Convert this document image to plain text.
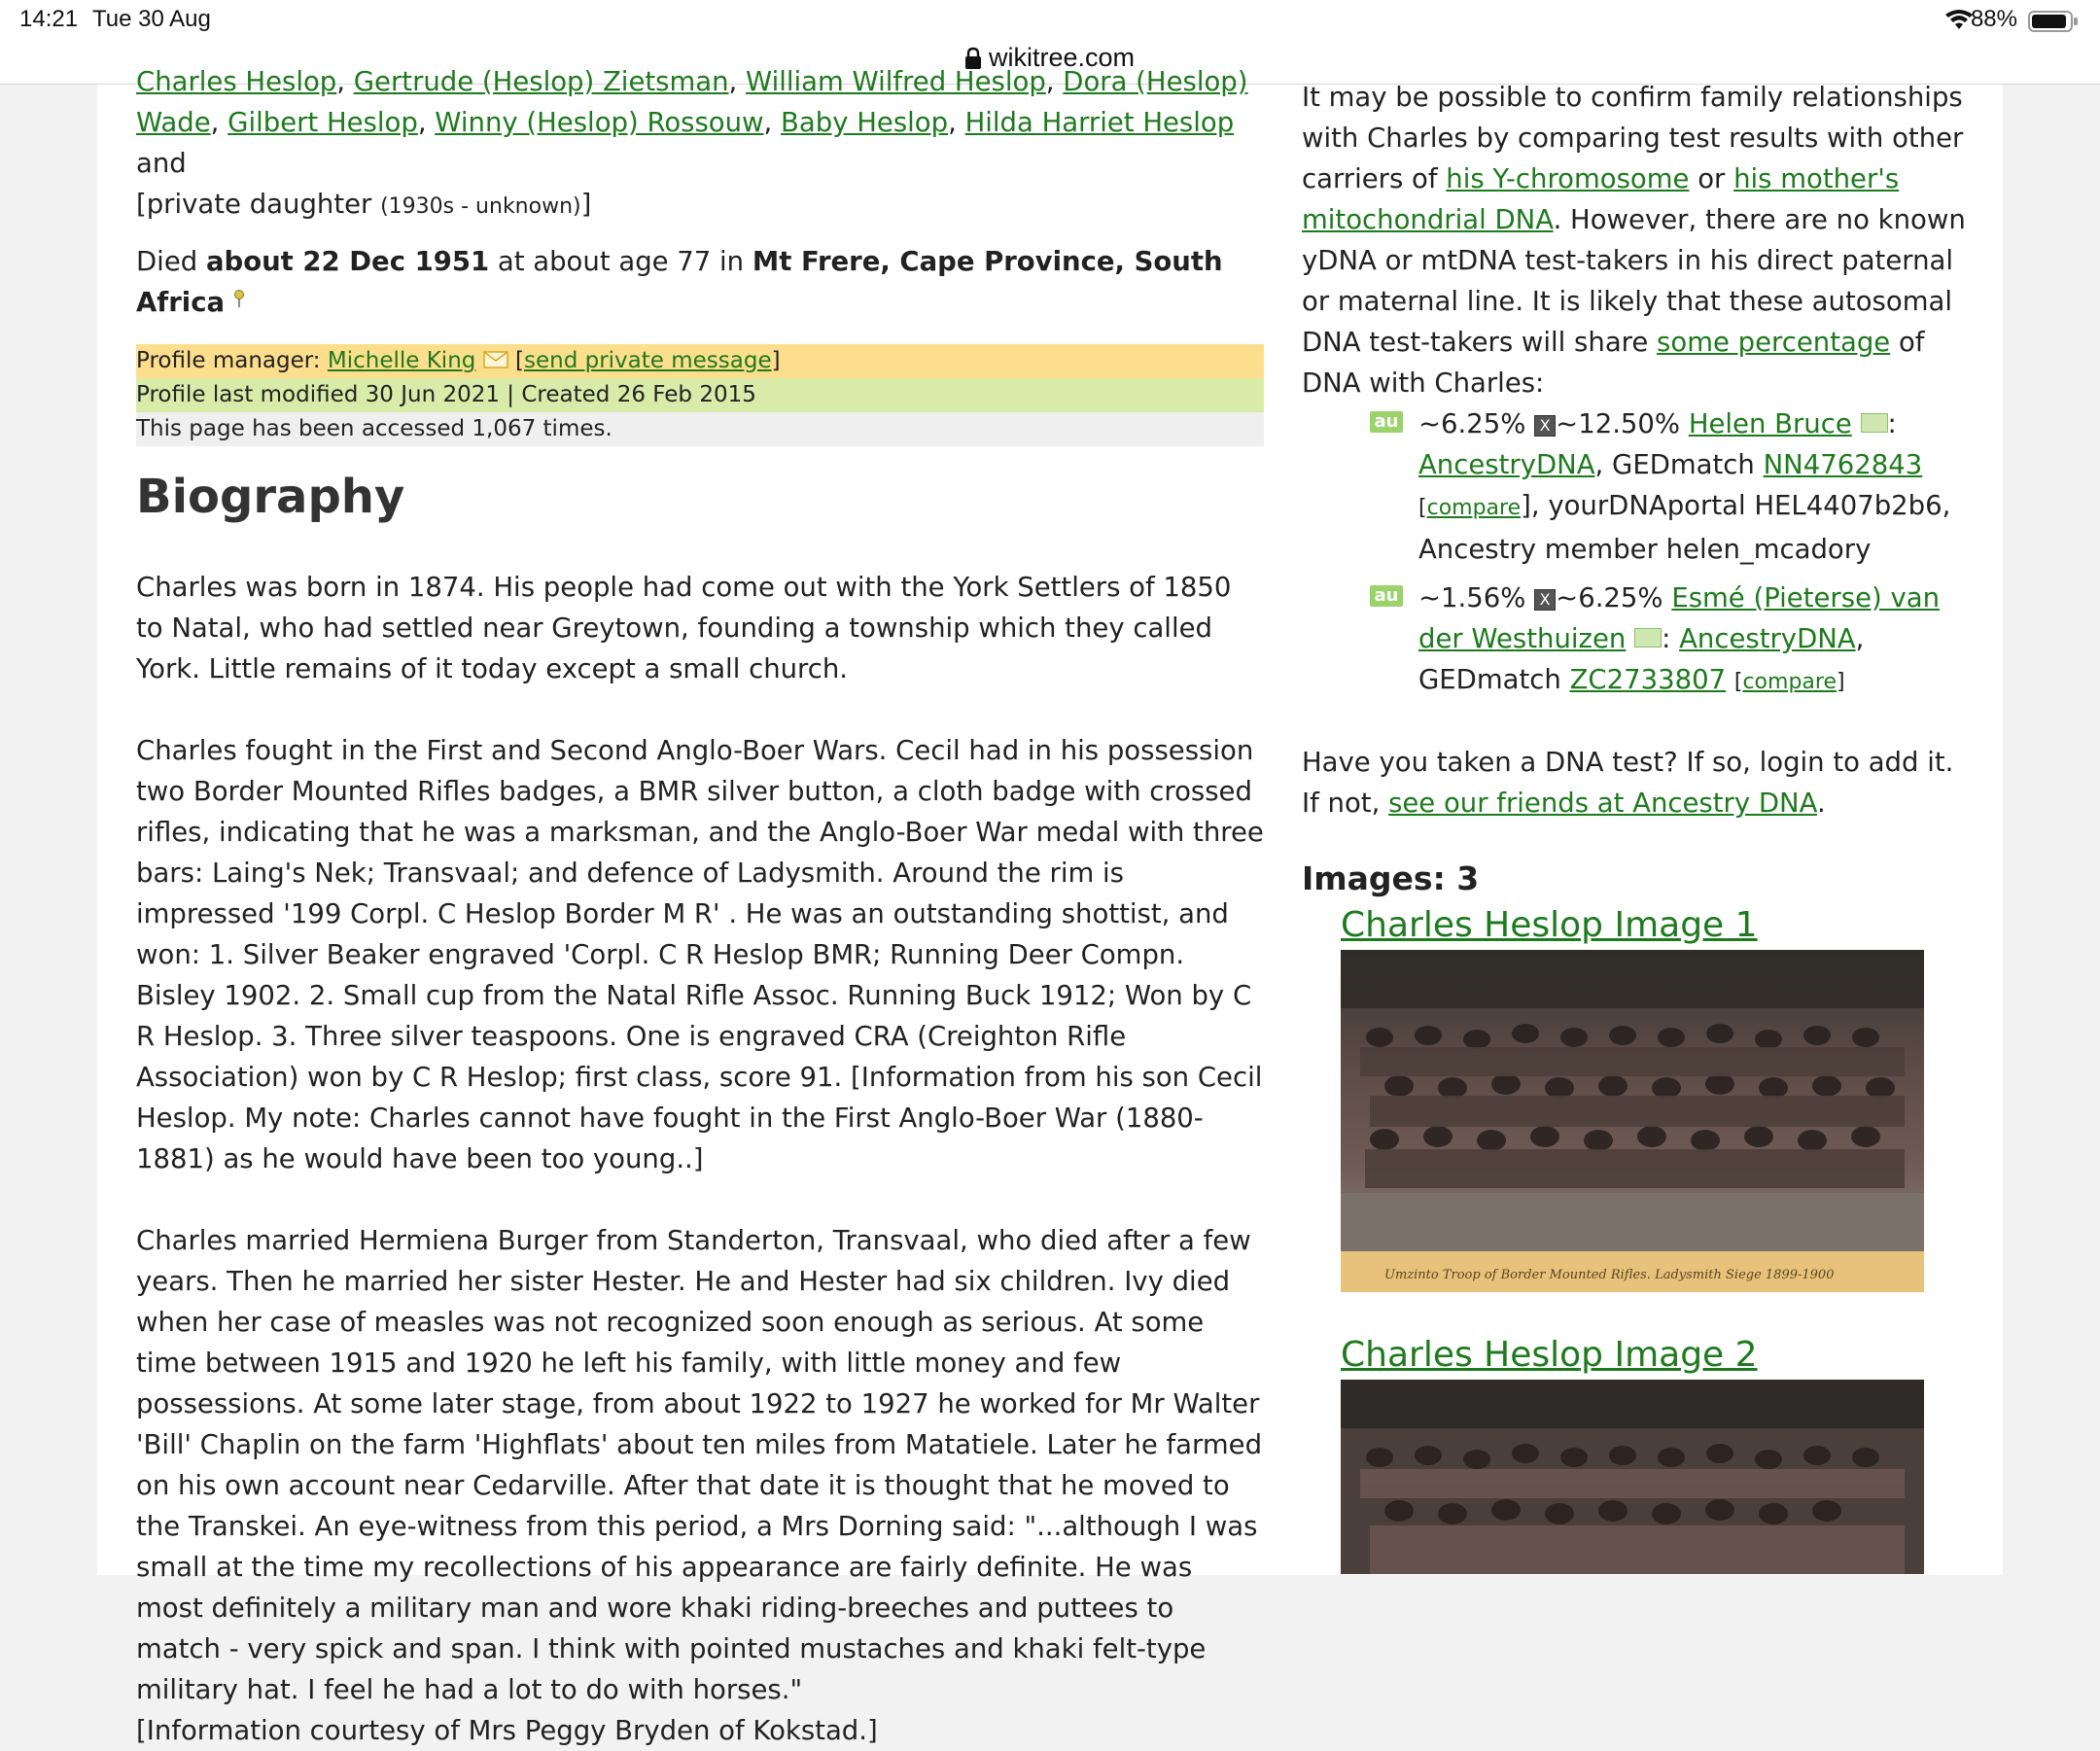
14:21 Tue 30 Aug	88%
wikitree.com
Charles Heslop, Gertrude (Heslop) Zietsman, William Wilfred Heslop, Dora (Heslop) Wade, Gilbert Heslop, Winny (Heslop) Rossouw, Baby Heslop, Hilda Harriet Heslop and
[private daughter (1930s - unknown)]
Died about 22 Dec 1951 at about age 77 in Mt Frere, Cape Province, South Africa
Profile manager: Michelle King  [send private message]
Profile last modified 30 Jun 2021 | Created 26 Feb 2015
This page has been accessed 1,067 times.
Biography
Charles was born in 1874. His people had come out with the York Settlers of 1850 to Natal, who had settled near Greytown, founding a township which they called York. Little remains of it today except a small church.
Charles fought in the First and Second Anglo-Boer Wars. Cecil had in his possession two Border Mounted Rifles badges, a BMR silver button, a cloth badge with crossed rifles, indicating that he was a marksman, and the Anglo-Boer War medal with three bars: Laing's Nek; Transvaal; and defence of Ladysmith. Around the rim is impressed '199 Corpl. C Heslop Border M R' . He was an outstanding shottist, and won: 1. Silver Beaker engraved 'Corpl. C R Heslop BMR; Running Deer Compn. Bisley 1902. 2. Small cup from the Natal Rifle Assoc. Running Buck 1912; Won by C R Heslop. 3. Three silver teaspoons. One is engraved CRA (Creighton Rifle Association) won by C R Heslop; first class, score 91. [Information from his son Cecil Heslop. My note: Charles cannot have fought in the First Anglo-Boer War (1880-1881) as he would have been too young..]
Charles married Hermiena Burger from Standerton, Transvaal, who died after a few years. Then he married her sister Hester. He and Hester had six children. Ivy died when her case of measles was not recognized soon enough as serious. At some time between 1915 and 1920 he left his family, with little money and few possessions. At some later stage, from about 1922 to 1927 he worked for Mr Walter 'Bill' Chaplin on the farm 'Highflats' about ten miles from Matatiele. Later he farmed on his own account near Cedarville. After that date it is thought that he moved to the Transkei. An eye-witness from this period, a Mrs Dorning said: "...although I was small at the time my recollections of his appearance are fairly definite. He was most definitely a military man and wore khaki riding-breeches and puttees to match - very spick and span. I think with pointed mustaches and khaki felt-type military hat. I feel he had a lot to do with horses."
[Information courtesy of Mrs Peggy Bryden of Kokstad.]
It may be possible to confirm family relationships with Charles by comparing test results with other carriers of his Y-chromosome or his mother's mitochondrial DNA. However, there are no known yDNA or mtDNA test-takers in his direct paternal or maternal line. It is likely that these autosomal DNA test-takers will share some percentage of DNA with Charles:
au ~6.25% X ~12.50% Helen Bruce : AncestryDNA, GEDmatch NN4762843
[compare], yourDNAportal HEL4407b2b6, Ancestry member helen_mcadory
au ~1.56% X ~6.25% Esmé (Pieterse) van der Westhuizen : AncestryDNA, GEDmatch ZC2733807 [compare]
Have you taken a DNA test? If so, login to add it. If not, see our friends at Ancestry DNA.
Images: 3
Charles Heslop Image 1
Umzinto Troop of Border Mounted Rifles. Ladysmith Siege 1899-1900
Charles Heslop Image 2
